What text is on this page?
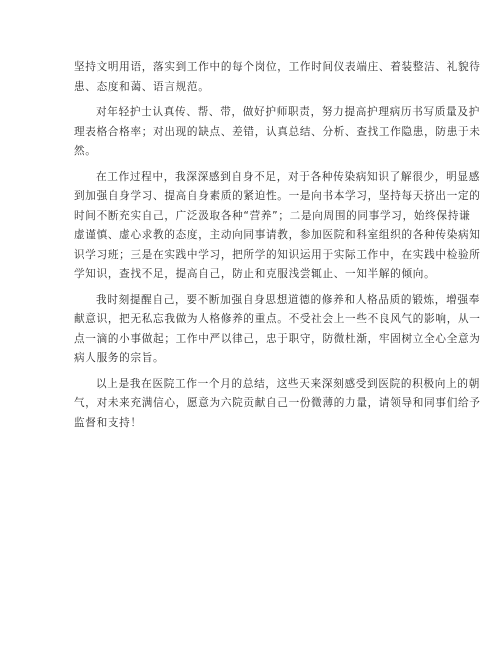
坚持文明用语，落实到工作中的每个岗位，工作时间仪表端庄、着装整洁、礼貌待
患、态度和蔼、语言规范。
对年轻护士认真传、帮、带，做好护师职责，努力提高护理病历书写质量及护
理表格合格率；对出现的缺点、差错，认真总结、分析、查找工作隐患，防患于未
然。
在工作过程中，我深深感到自身不足，对于各种传染病知识了解很少，明显感
到加强自身学习、提高自身素质的紧迫性。一是向书本学习，坚持每天挤出一定的
时间不断充实自己，广泛汲取各种“营养”；二是向周围的同事学习，始终保持谦
虚谨慎、虚心求教的态度，主动向同事请教，参加医院和科室组织的各种传染病知
识学习班；三是在实践中学习，把所学的知识运用于实际工作中，在实践中检验所
学知识，查找不足，提高自己，防止和克服浅尝辄止、一知半解的倾向。
我时刻提醒自己，要不断加强自身思想道德的修养和人格品质的锻炼，增强奉
献意识，把无私忘我做为人格修养的重点。不受社会上一些不良风气的影响，从一
点一滴的小事做起；工作中严以律己，忠于职守，防微杜渐，牢固树立全心全意为
病人服务的宗旨。
以上是我在医院工作一个月的总结，这些天来深刻感受到医院的积极向上的朝
气，对未来充满信心，愿意为六院贡献自己一份微薄的力量，请领导和同事们给予
监督和支持！
